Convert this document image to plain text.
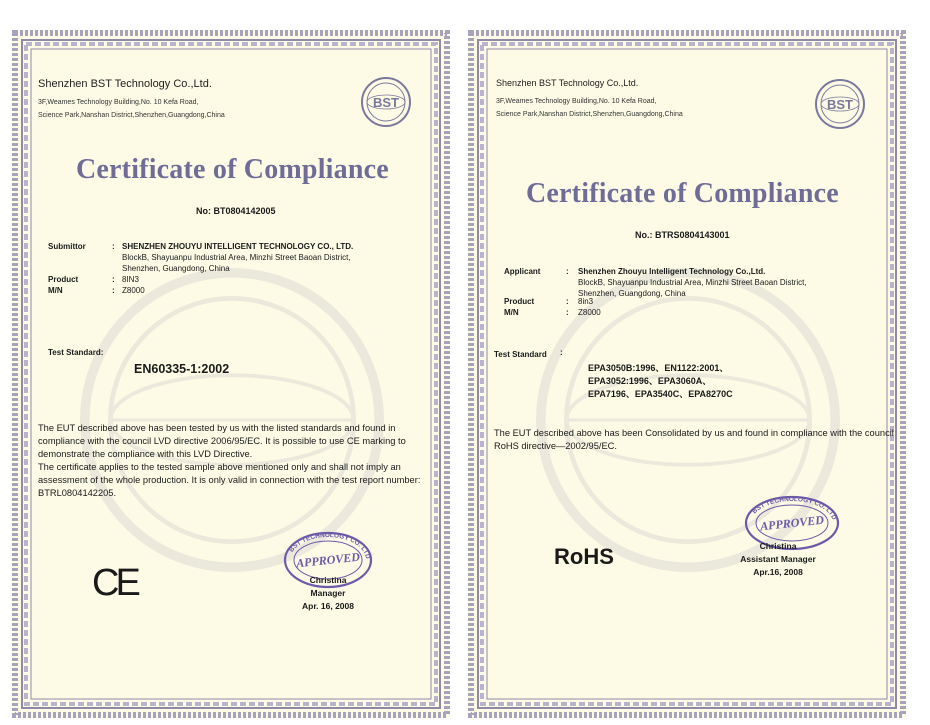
Shenzhen BST Technology Co.,Ltd.
3F,Weames Technology Building,No. 10 Kefa Road,
Science Park,Nanshan District,Shenzhen,Guangdong,China
BST
Certificate of Compliance
No: BT0804142005
Submittor	: SHENZHEN ZHOUYU INTELLIGENT TECHNOLOGY CO., LTD.
BlockB, Shayuanpu Industrial Area, Minzhi Street Baoan District,
Shenzhen, Guangdong, China
Product	: 8IN3
M/N	: Z8000
Test Standard:
EN60335-1:2002
The EUT described above has been tested by us with the listed standards and found in compliance with the council LVD directive 2006/95/EC. It is possible to use CE marking to demonstrate the compliance with this LVD Directive.
The certificate applies to the tested sample above mentioned only and shall not imply an assessment of the whole production. It is only valid in connection with the test report number: BTRL0804142205.
BST TECHNOLOGY CO. LTD
APPROVED
Christina
Manager
Apr. 16, 2008
CE
Shenzhen BST Technology Co.,Ltd.
3F,Weames Technology Building,No. 10 Kefa Road,
Science Park,Nanshan District,Shenzhen,Guangdong,China
BST
Certificate of Compliance
No.: BTRS0804143001
Applicant	: Shenzhen Zhouyu Intelligent Technology Co.,Ltd.
BlockB, Shayuanpu Industrial Area, Minzhi Street Baoan District,
Shenzhen, Guangdong, China
Product	: 8in3
M/N	: Z8000
Test Standard :
EPA3050B:1996、EN1122:2001、
EPA3052:1996、EPA3060A、
EPA7196、EPA3540C、EPA8270C
The EUT described above has been Consolidated by us and found in compliance with the council RoHS directive—2002/95/EC.
BST TECHNOLOGY CO. LTD
APPROVED
Christina
Assistant Manager
Apr.16, 2008
RoHS
